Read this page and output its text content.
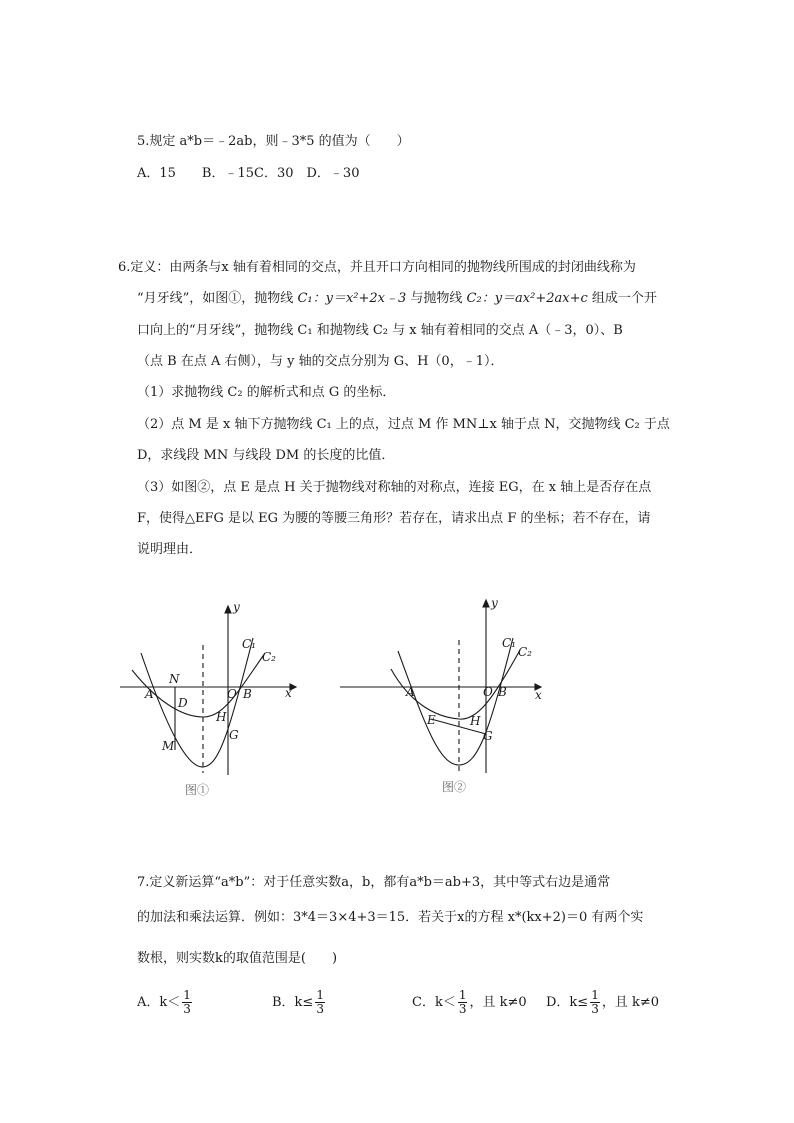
5.规定 a*b＝﹣2ab，则﹣3*5 的值为（　　）
A．15　　B．﹣15C．30　D．﹣30
6.定义：由两条与x 轴有着相同的交点，并且开口方向相同的抛物线所围成的封闭曲线称为
“月牙线”，如图①，抛物线 C₁：y＝x²+2x﹣3 与抛物线 C₂：y＝ax²+2ax+c 组成一个开
口向上的“月牙线”，抛物线 C₁ 和抛物线 C₂ 与 x 轴有着相同的交点 A（﹣3，0）、B
（点 B 在点 A 右侧），与 y 轴的交点分别为 G、H（0，﹣1）．
（1）求抛物线 C₂ 的解析式和点 G 的坐标．
（2）点 M 是 x 轴下方抛物线 C₁ 上的点，过点 M 作 MN⊥x 轴于点 N，交抛物线 C₂ 于点
D，求线段 MN 与线段 DM 的长度的比值．
（3）如图②，点 E 是点 H 关于抛物线对称轴的对称点，连接 EG，在 x 轴上是否存在点
F，使得△EFG 是以 EG 为腰的等腰三角形？若存在，请求出点 F 的坐标；若不存在，请
说明理由．
y
x
C₁
C₂
A
N
O B
D
H
G
M
图①
y
x
C₁
C₂
A	O B
E	H
G
图②
7.定义新运算“a*b”：对于任意实数a，b，都有a*b＝ab+3，其中等式右边是通常
的加法和乘法运算．例如：3*4＝3×4+3＝15．若关于x的方程 x*(kx+2)＝0 有两个实
数根，则实数k的取值范围是(　　)
A．$k< \frac{1}{3}$	B．$k\le \frac{1}{3}$	C．$k< \frac{1}{3}$ ，且 k≠0 D．$k\le \frac{1}{3}$ ，且 k≠0
